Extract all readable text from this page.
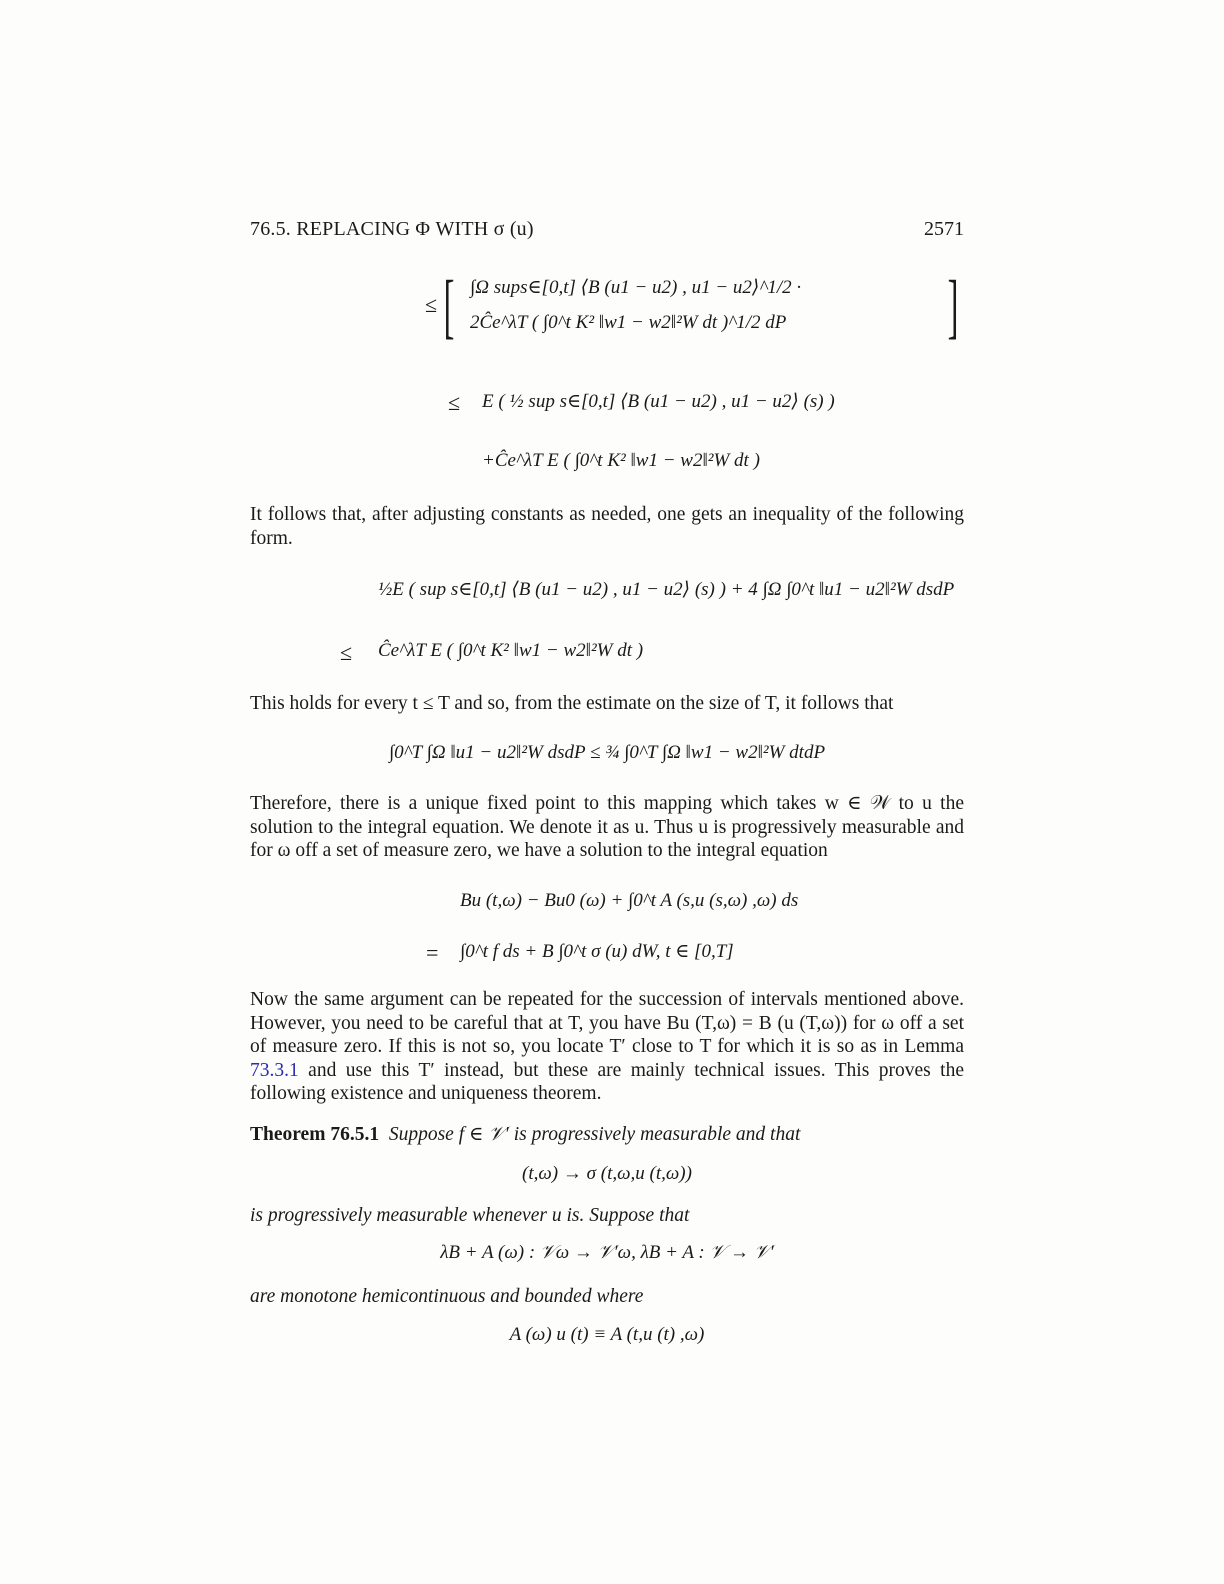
76.5. REPLACING Φ WITH σ (u)	2571
≤ [ ∫Ω sups∈[0,t] ⟨B (u1 − u2) , u1 − u2⟩^1/2 ·
2Ĉe^λT ( ∫0^t K² ‖w1 − w2‖²W dt )^1/2 dP ]
≤ E ( ½ sup s∈[0,t] ⟨B (u1 − u2) , u1 − u2⟩ (s) )
+Ĉe^λT E ( ∫0^t K² ‖w1 − w2‖²W dt )

It follows that, after adjusting constants as needed, one gets an inequality of the following form.

½E ( sup s∈[0,t] ⟨B (u1 − u2) , u1 − u2⟩ (s) ) + 4 ∫Ω ∫0^t ‖u1 − u2‖²W dsdP
≤ Ĉe^λT E ( ∫0^t K² ‖w1 − w2‖²W dt )

This holds for every t ≤ T and so, from the estimate on the size of T, it follows that

∫0^T ∫Ω ‖u1 − u2‖²W dsdP ≤ ¾ ∫0^T ∫Ω ‖w1 − w2‖²W dtdP

Therefore, there is a unique fixed point to this mapping which takes w ∈ 𝒲 to u the solution to the integral equation. We denote it as u. Thus u is progressively measurable and for ω off a set of measure zero, we have a solution to the integral equation

Bu (t,ω) − Bu0 (ω) + ∫0^t A (s,u (s,ω) ,ω) ds
= ∫0^t f ds + B ∫0^t σ (u) dW, t ∈ [0,T]

Now the same argument can be repeated for the succession of intervals mentioned above. However, you need to be careful that at T, you have Bu (T,ω) = B (u (T,ω)) for ω off a set of measure zero. If this is not so, you locate T′ close to T for which it is so as in Lemma 73.3.1 and use this T′ instead, but these are mainly technical issues. This proves the following existence and uniqueness theorem.

Theorem 76.5.1 Suppose f ∈ 𝒱′ is progressively measurable and that

(t,ω) → σ (t,ω,u (t,ω))

is progressively measurable whenever u is. Suppose that

λB + A (ω) : 𝒱ω → 𝒱′ω, λB + A : 𝒱 → 𝒱′

are monotone hemicontinuous and bounded where

A (ω) u (t) ≡ A (t,u (t) ,ω)
